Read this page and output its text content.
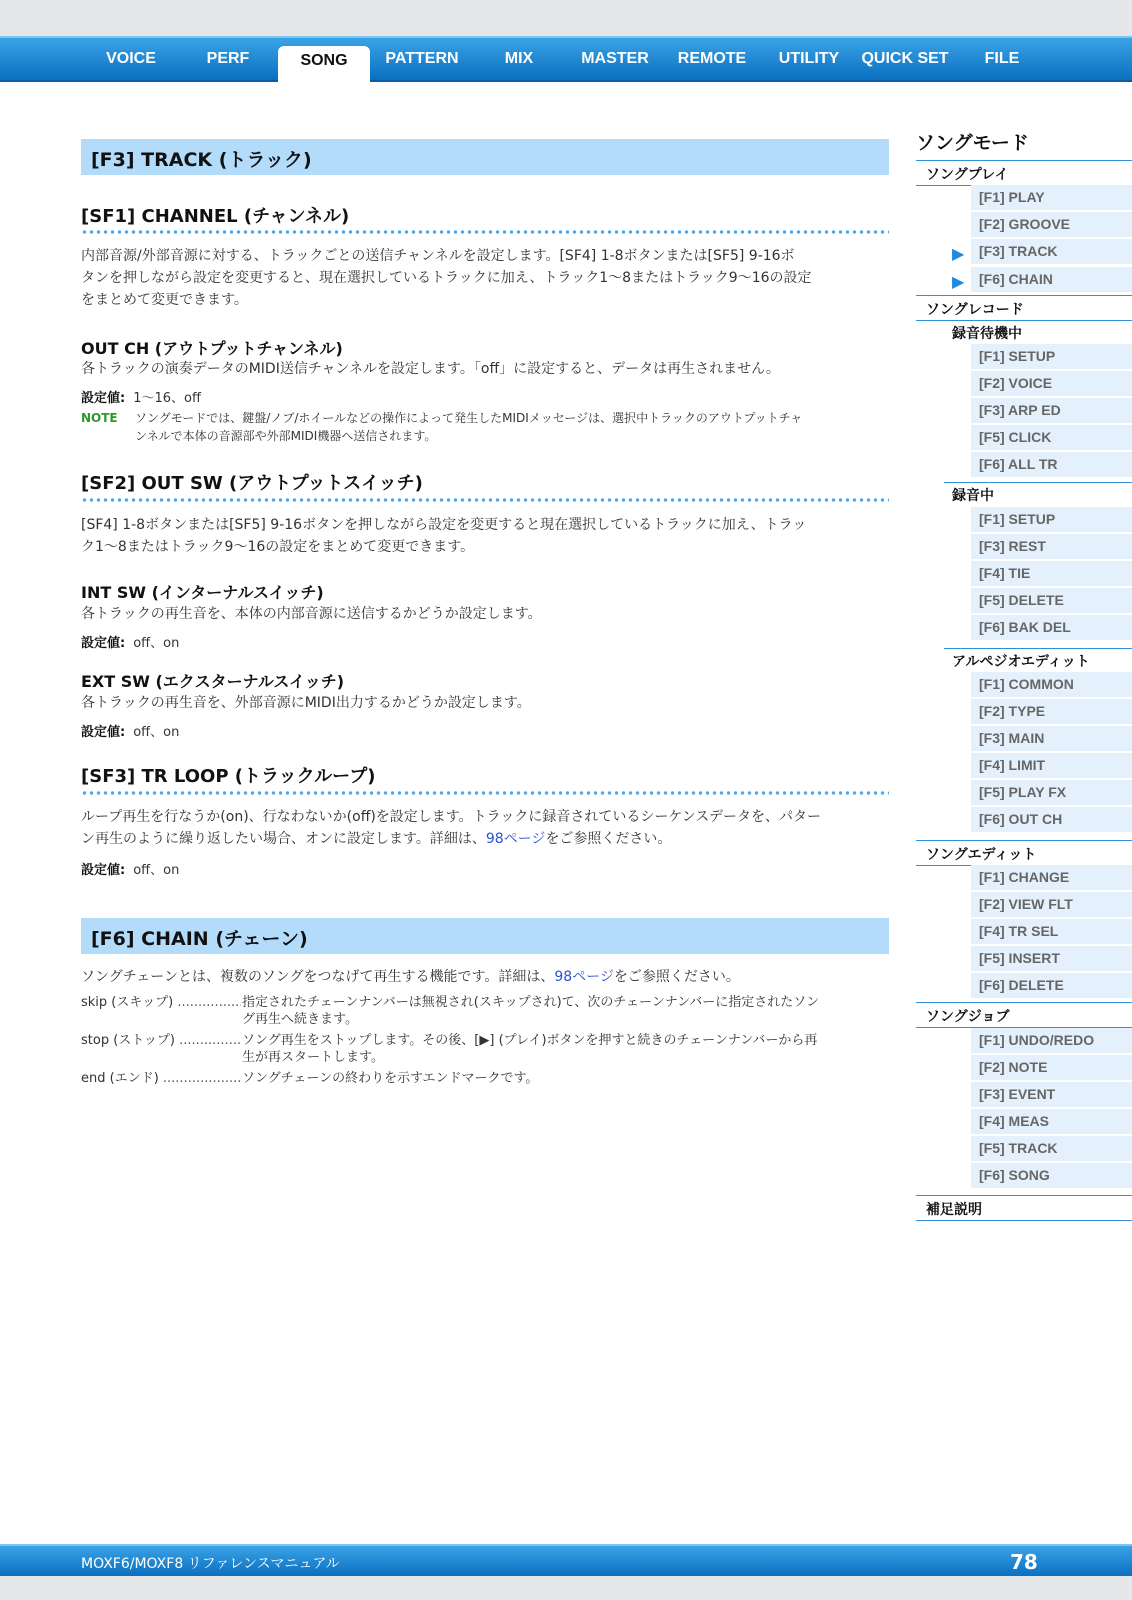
VOICE	PERF	SONG	PATTERN	MIX	MASTER	REMOTE	UTILITY	QUICK SET	FILE
[F3] TRACK (トラック)
[SF1] CHANNEL (チャンネル)
内部音源/外部音源に対する、トラックごとの送信チャンネルを設定します。[SF4] 1-8ボタンまたは[SF5] 9-16ボ
タンを押しながら設定を変更すると、現在選択しているトラックに加え、トラック1～8またはトラック9～16の設定
をまとめて変更できます。
OUT CH (アウトプットチャンネル)
各トラックの演奏データのMIDI送信チャンネルを設定します。「off」に設定すると、データは再生されません。
設定値: 1～16、off
NOTE ソングモードでは、鍵盤/ノブ/ホイールなどの操作によって発生したMIDIメッセージは、選択中トラックのアウトプットチャ
ンネルで本体の音源部や外部MIDI機器へ送信されます。
[SF2] OUT SW (アウトプットスイッチ)
[SF4] 1-8ボタンまたは[SF5] 9-16ボタンを押しながら設定を変更すると現在選択しているトラックに加え、トラッ
ク1～8またはトラック9～16の設定をまとめて変更できます。
INT SW (インターナルスイッチ)
各トラックの再生音を、本体の内部音源に送信するかどうか設定します。
設定値: off、on
EXT SW (エクスターナルスイッチ)
各トラックの再生音を、外部音源にMIDI出力するかどうか設定します。
設定値: off、on
[SF3] TR LOOP (トラックループ)
ループ再生を行なうか(on)、行なわないか(off)を設定します。トラックに録音されているシーケンスデータを、パター
ン再生のように繰り返したい場合、オンに設定します。詳細は、98ページをご参照ください。
設定値: off、on
[F6] CHAIN (チェーン)
ソングチェーンとは、複数のソングをつなげて再生する機能です。詳細は、98ページをご参照ください。
skip (スキップ) .....	指定されたチェーンナンバーは無視され(スキップされ)て、次のチェーンナンバーに指定されたソン
グ再生へ続きます。
stop (ストップ) .....	ソング再生をストップします。その後、[▶] (プレイ)ボタンを押すと続きのチェーンナンバーから再
生が再スタートします。
end (エンド) .....	ソングチェーンの終わりを示すエンドマークです。
ソングモード
ソングプレイ
[F1] PLAY
[F2] GROOVE
▶ [F3] TRACK
▶ [F6] CHAIN
ソングレコード
録音待機中
[F1] SETUP
[F2] VOICE
[F3] ARP ED
[F5] CLICK
[F6] ALL TR
録音中
[F1] SETUP
[F3] REST
[F4] TIE
[F5] DELETE
[F6] BAK DEL
アルペジオエディット
[F1] COMMON
[F2] TYPE
[F3] MAIN
[F4] LIMIT
[F5] PLAY FX
[F6] OUT CH
ソングエディット
[F1] CHANGE
[F2] VIEW FLT
[F4] TR SEL
[F5] INSERT
[F6] DELETE
ソングジョブ
[F1] UNDO/REDO
[F2] NOTE
[F3] EVENT
[F4] MEAS
[F5] TRACK
[F6] SONG
補足説明
MOXF6/MOXF8 リファレンスマニュアル	78
